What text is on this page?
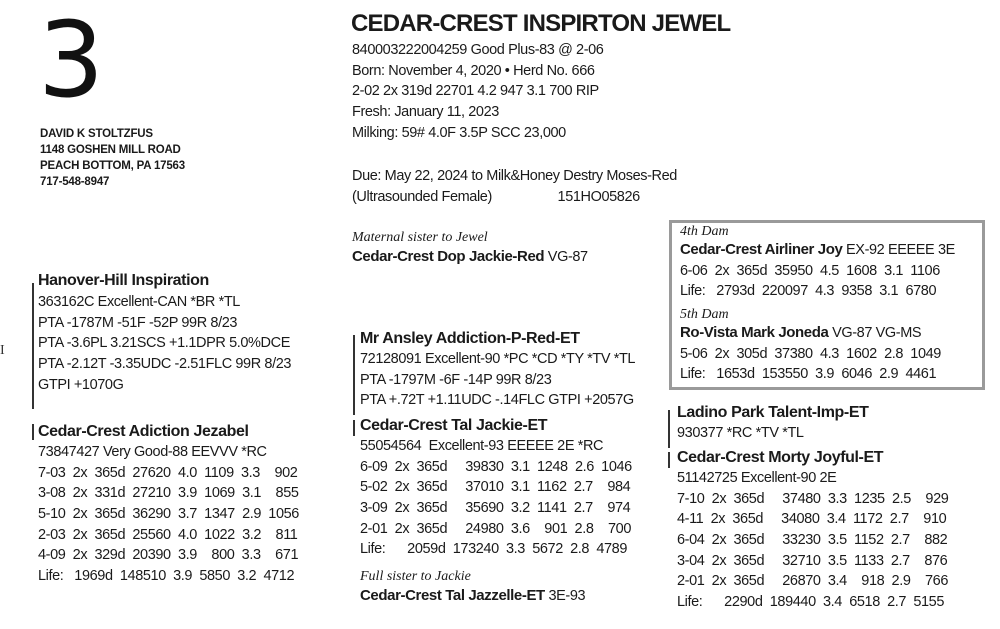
3
DAVID K STOLTZFUS
1148 GOSHEN MILL ROAD
PEACH BOTTOM, PA 17563
717-548-8947
I
CEDAR-CREST INSPIRTON JEWEL
840003222004259 Good Plus-83 @ 2-06
Born: November 4, 2020 • Herd No. 666
2-02 2x 319d 22701 4.2 947 3.1 700 RIP
Fresh: January 11, 2023
Milking: 59# 4.0F 3.5P SCC 23,000
Due: May 22, 2024 to Milk&Honey Destry Moses-Red
(Ultrasounded Female)	151HO05826
Maternal sister to Jewel
Cedar-Crest Dop Jackie-Red VG-87
Hanover-Hill Inspiration
363162C Excellent-CAN *BR *TL
PTA -1787M -51F -52P 99R 8/23
PTA -3.6PL 3.21SCS +1.1DPR 5.0%DCE
PTA -2.12T -3.35UDC -2.51FLC 99R 8/23
GTPI +1070G
Cedar-Crest Adiction Jezabel
73847427 Very Good-88 EEVVV *RC
7-03  2x  365d  27620  4.0  1109  3.3    902
3-08  2x  331d  27210  3.9  1069  3.1    855
5-10  2x  365d  36290  3.7  1347  2.9  1056
2-03  2x  365d  25560  4.0  1022  3.2    811
4-09  2x  329d  20390  3.9    800  3.3    671
Life:   1969d  148510  3.9  5850  3.2  4712
Mr Ansley Addiction-P-Red-ET
72128091 Excellent-90 *PC *CD *TY *TV *TL
PTA -1797M -6F -14P 99R 8/23
PTA +.72T +1.11UDC -.14FLC GTPI +2057G
Cedar-Crest Tal Jackie-ET
55054564  Excellent-93 EEEEE 2E *RC
6-09  2x  365d     39830  3.1  1248  2.6  1046
5-02  2x  365d     37010  3.1  1162  2.7    984
3-09  2x  365d     35690  3.2  1141  2.7    974
2-01  2x  365d     24980  3.6    901  2.8    700
Life:      2059d  173240  3.3  5672  2.8  4789
Full sister to Jackie
Cedar-Crest Tal Jazzelle-ET 3E-93
4th Dam
Cedar-Crest Airliner Joy EX-92 EEEEE 3E
6-06  2x  365d  35950  4.5  1608  3.1  1106
Life:   2793d  220097  4.3  9358  3.1  6780
5th Dam
Ro-Vista Mark Joneda VG-87 VG-MS
5-06  2x  305d  37380  4.3  1602  2.8  1049
Life:   1653d  153550  3.9  6046  2.9  4461
Ladino Park Talent-Imp-ET
930377 *RC *TV *TL
Cedar-Crest Morty Joyful-ET
51142725 Excellent-90 2E
7-10  2x  365d     37480  3.3  1235  2.5    929
4-11  2x  365d     34080  3.4  1172  2.7    910
6-04  2x  365d     33230  3.5  1152  2.7    882
3-04  2x  365d     32710  3.5  1133  2.7    876
2-01  2x  365d     26870  3.4    918  2.9    766
Life:      2290d  189440  3.4  6518  2.7  5155
